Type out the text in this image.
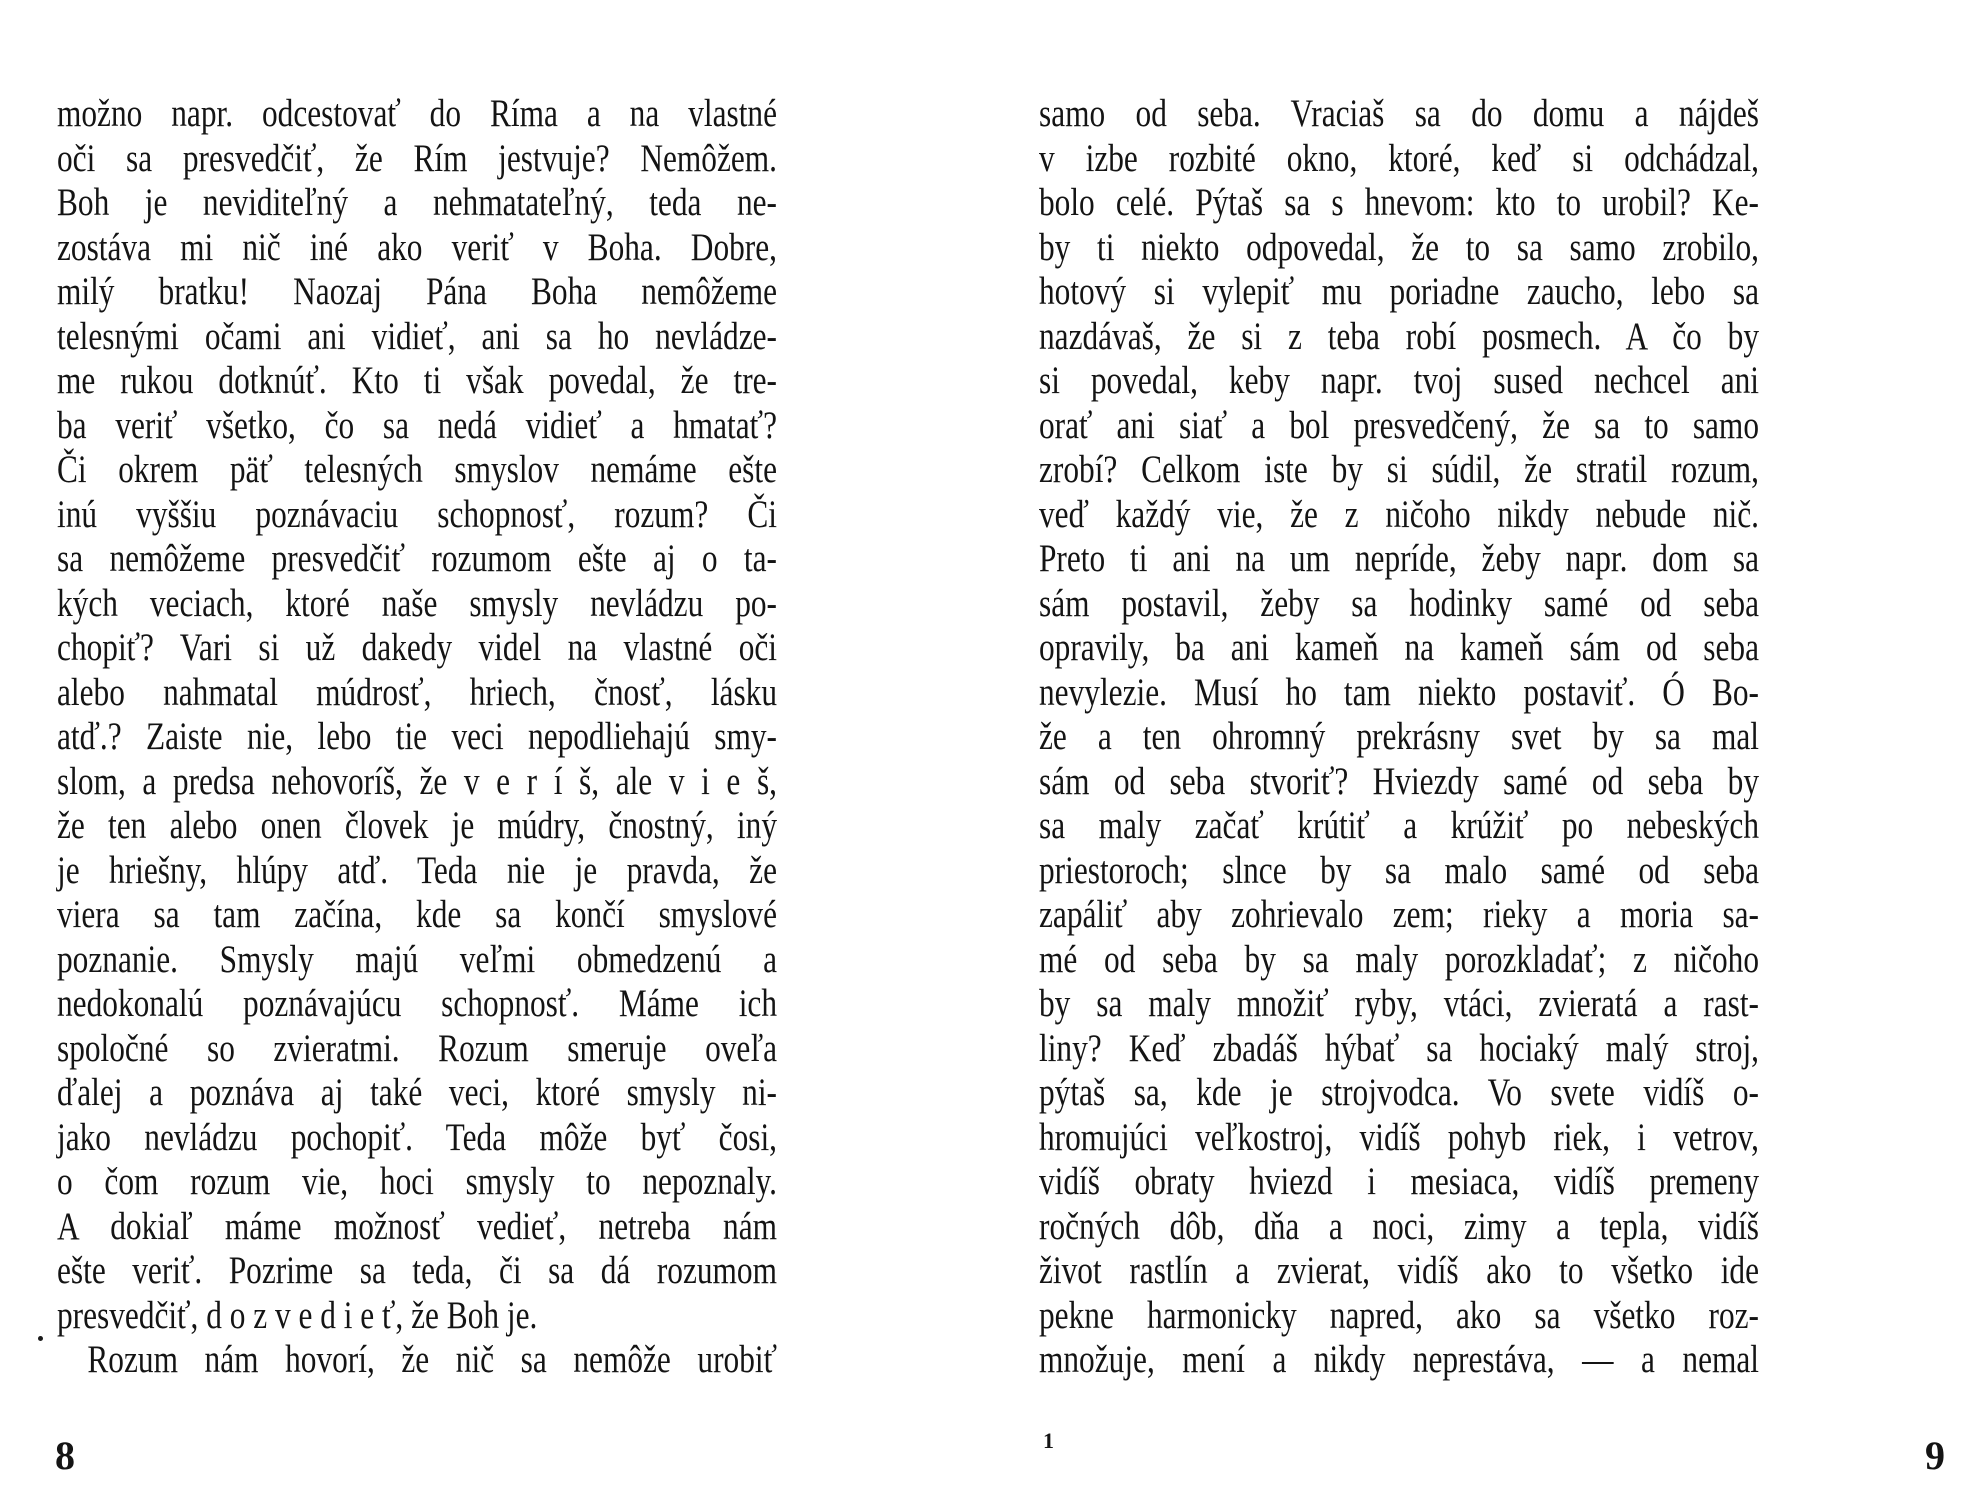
možno napr. odcestovať do Ríma a na vlastné
oči sa presvedčiť, že Rím jestvuje? Nemôžem.
Boh je neviditeľný a nehmatateľný, teda ne-
zostáva mi nič iné ako veriť v Boha. Dobre,
milý bratku! Naozaj Pána Boha nemôžeme
telesnými očami ani vidieť, ani sa ho nevládze-
me rukou dotknúť. Kto ti však povedal, že tre-
ba veriť všetko, čo sa nedá vidieť a hmatať?
Či okrem päť telesných smyslov nemáme ešte
inú vyššiu poznávaciu schopnosť, rozum? Či
sa nemôžeme presvedčiť rozumom ešte aj o ta-
kých veciach, ktoré naše smysly nevládzu po-
chopiť? Vari si už dakedy videl na vlastné oči
alebo nahmatal múdrosť, hriech, čnosť, lásku
atď.? Zaiste nie, lebo tie veci nepodliehajú smy-
slom, a predsa nehovoríš, že v e r í š, ale v i e š,
že ten alebo onen človek je múdry, čnostný, iný
je hriešny, hlúpy atď. Teda nie je pravda, že
viera sa tam začína, kde sa končí smyslové
poznanie. Smysly majú veľmi obmedzenú a
nedokonalú poznávajúcu schopnosť. Máme ich
spoločné so zvieratmi. Rozum smeruje oveľa
ďalej a poznáva aj také veci, ktoré smysly ni-
jako nevládzu pochopiť. Teda môže byť čosi,
o čom rozum vie, hoci smysly to nepoznaly.
A dokiaľ máme možnosť vedieť, netreba nám
ešte veriť. Pozrime sa teda, či sa dá rozumom
presvedčiť, d o z v e d i e ť, že Boh je.
Rozum nám hovorí, že nič sa nemôže urobiť
8
samo od seba. Vraciaš sa do domu a nájdeš
v izbe rozbité okno, ktoré, keď si odchádzal,
bolo celé. Pýtaš sa s hnevom: kto to urobil? Ke-
by ti niekto odpovedal, že to sa samo zrobilo,
hotový si vylepiť mu poriadne zaucho, lebo sa
nazdávaš, že si z teba robí posmech. A čo by
si povedal, keby napr. tvoj sused nechcel ani
orať ani siať a bol presvedčený, že sa to samo
zrobí? Celkom iste by si súdil, že stratil rozum,
veď každý vie, že z ničoho nikdy nebude nič.
Preto ti ani na um nepríde, žeby napr. dom sa
sám postavil, žeby sa hodinky samé od seba
opravily, ba ani kameň na kameň sám od seba
nevylezie. Musí ho tam niekto postaviť. Ó Bo-
že a ten ohromný prekrásny svet by sa mal
sám od seba stvoriť? Hviezdy samé od seba by
sa maly začať krútiť a krúžiť po nebeských
priestoroch; slnce by sa malo samé od seba
zapáliť aby zohrievalo zem; rieky a moria sa-
mé od seba by sa maly porozkladať; z ničoho
by sa maly množiť ryby, vtáci, zvieratá a rast-
liny? Keď zbadáš hýbať sa hociaký malý stroj,
pýtaš sa, kde je strojvodca. Vo svete vidíš o-
hromujúci veľkostroj, vidíš pohyb riek, i vetrov,
vidíš obraty hviezd i mesiaca, vidíš premeny
ročných dôb, dňa a noci, zimy a tepla, vidíš
život rastlín a zvierat, vidíš ako to všetko ide
pekne harmonicky napred, ako sa všetko roz-
množuje, mení a nikdy neprestáva, — a nemal
1	9
